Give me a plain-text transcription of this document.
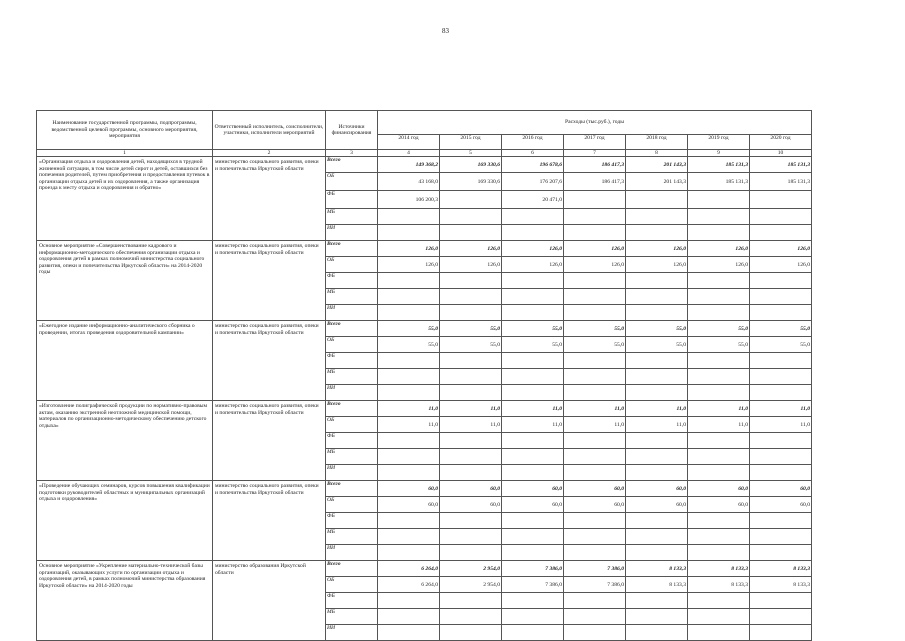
83
Наименование государственной программы, подпрограммы, ведомственной целевой программы, основного мероприятия, мероприятия	Ответственный исполнитель, соисполнители, участники, исполнители мероприятий	Источники финансирования	Расходы (тыс.руб.), годы						
			2014 год	2015 год	2016 год	2017 год	2018 год	2019 год	2020 год
1	2	3	4	5	6	7	8	9	10
«Организация отдыха и оздоровления детей, находящихся в трудной жизненной ситуации, в том числе детей сирот и детей, оставшихся без попечения родителей, путем приобретения и предоставления путевок в организации отдыха детей и их оздоровления, а также организация проезда к месту отдыха и оздоровления и обратно»	министерство социального развития, опеки и попечительства Иркутской области	Всего	149 368,2	169 330,6	196 678,6	186 417,3	201 143,3	185 131,3	185 131,3
		ОБ	43 168,0	169 330,6	176 207,6	186 417,3	201 143,3	185 131,3	185 131,3
		ФБ	106 200,3		20 471,0				
		МБ							
		ИИ							
Основное мероприятие «Совершенствование кадрового и информационно-методического обеспечения организации отдыха и оздоровления детей в рамках полномочий министерства социального развития, опеки и попечительства Иркутской области» на 2014-2020 годы	министерство социального развития, опеки и попечительства Иркутской области	Всего	126,0	126,0	126,0	126,0	126,0	126,0	126,0
		ОБ	126,0	126,0	126,0	126,0	126,0	126,0	126,0
		ФБ							
		МБ							
		ИИ							
«Ежегодное издание информационно-аналитического сборника о проведении, итогах проведения оздоровительной кампании»	министерство социального развития, опеки и попечительства Иркутской области	Всего	55,0	55,0	55,0	55,0	55,0	55,0	55,0
		ОБ	55,0	55,0	55,0	55,0	55,0	55,0	55,0
		ФБ							
		МБ							
		ИИ							
«Изготовление полиграфической продукции по нормативно-правовым актам, оказанию экстренной неотложной медицинской помощи, материалов по организационно-методическому обеспечению детского отдыха»	министерство социального развития, опеки и попечительства Иркутской области	Всего	11,0	11,0	11,0	11,0	11,0	11,0	11,0
		ОБ	11,0	11,0	11,0	11,0	11,0	11,0	11,0
		ФБ							
		МБ							
		ИИ							
«Проведение обучающих семинаров, курсов повышения квалификации подготовки руководителей областных и муниципальных организаций отдыха и оздоровления»	министерство социального развития, опеки и попечительства Иркутской области	Всего	60,0	60,0	60,0	60,0	60,0	60,0	60,0
		ОБ	60,0	60,0	60,0	60,0	60,0	60,0	60,0
		ФБ							
		МБ							
		ИИ							
Основное мероприятие «Укрепление материально-технической базы организаций, оказывающих услуги по организации отдыха и оздоровления детей, в рамках полномочий министерства образования Иркутской области» на 2014-2020 годы	министерство образования Иркутской области	Всего	6 264,0	2 954,0	7 386,0	7 386,0	8 133,3	8 133,3	8 133,3
		ОБ	6 264,0	2 954,0	7 386,0	7 386,0	8 133,3	8 133,3	8 133,3
		ФБ							
		МБ							
		ИИ							
